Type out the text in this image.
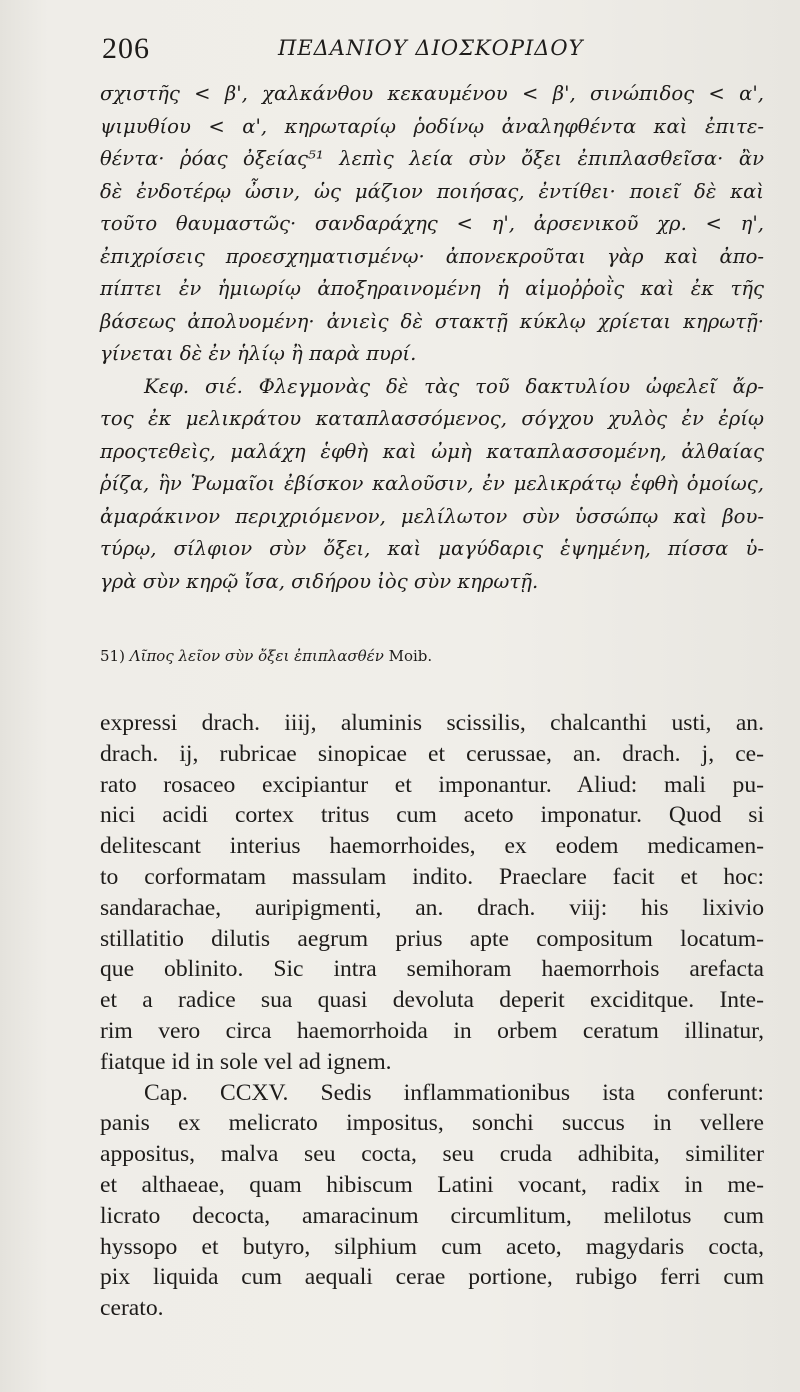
206	ΠΕΔΑΝΙΟΥ ΔΙΟΣΚΟΡΙΔΟΥ
σχιστῆς < β', χαλκάνθου κεκαυμένου < β', σινώπιδος < α',
ψιμυθίου < α', κηρωταρίῳ ῥοδίνῳ ἀναληφθέντα καὶ ἐπιτε-
θέντα· ῥόας ὀξείας⁵¹ λεπὶς λεία σὺν ὄξει ἐπιπλασθεῖσα· ἂν
δὲ ἐνδοτέρῳ ὦσιν, ὡς μάζιον ποιήσας, ἐντίθει· ποιεῖ δὲ καὶ
τοῦτο θαυμαστῶς· σανδαράχης < η', ἀρσενικοῦ χρ. < η',
ἐπιχρίσεις προεσχηματισμένῳ· ἀπονεκροῦται γὰρ καὶ ἀπο-
πίπτει ἐν ἡμιωρίῳ ἀποξηραινομένη ἡ αἱμοῤῥοῒς καὶ ἐκ τῆς
βάσεως ἀπολυομένη· ἀνιεὶς δὲ στακτῇ κύκλῳ χρίεται κηρωτῇ·
γίνεται δὲ ἐν ἡλίῳ ἢ παρὰ πυρί.
Κεφ. σιέ. Φλεγμονὰς δὲ τὰς τοῦ δακτυλίου ὠφελεῖ ἄρ-
τος ἐκ μελικράτου καταπλασσόμενος, σόγχου χυλὸς ἐν ἐρίῳ
προςτεθεὶς, μαλάχη ἑφθὴ καὶ ὠμὴ καταπλασσομένη, ἀλθαίας
ῥίζα, ἣν Ῥωμαῖοι ἐβίσκον καλοῦσιν, ἐν μελικράτῳ ἑφθὴ ὁμοίως,
ἀμαράκινον περιχριόμενον, μελίλωτον σὺν ὑσσώπῳ καὶ βου-
τύρῳ, σίλφιον σὺν ὄξει, καὶ μαγύδαρις ἑψημένη, πίσσα ὑ-
γρὰ σὺν κηρῷ ἴσα, σιδήρου ἰὸς σὺν κηρωτῇ.
51) Λῖπος λεῖον σὺν ὄξει ἐπιπλασθέν Moib.
expressi drach. iiij, aluminis scissilis, chalcanthi usti, an.
drach. ij, rubricae sinopicae et cerussae, an. drach. j, ce-
rato rosaceo excipiantur et imponantur. Aliud: mali pu-
nici acidi cortex tritus cum aceto imponatur. Quod si
delitescant interius haemorrhoides, ex eodem medicamen-
to corformatam massulam indito. Praeclare facit et hoc:
sandarachae, auripigmenti, an. drach. viij: his lixivio
stillatitio dilutis aegrum prius apte compositum locatum-
que oblinito. Sic intra semihoram haemorrhois arefacta
et a radice sua quasi devoluta deperit exciditque. Inte-
rim vero circa haemorrhoida in orbem ceratum illinatur,
fiatque id in sole vel ad ignem.
Cap. CCXV. Sedis inflammationibus ista conferunt:
panis ex melicrato impositus, sonchi succus in vellere
appositus, malva seu cocta, seu cruda adhibita, similiter
et althaeae, quam hibiscum Latini vocant, radix in me-
licrato decocta, amaracinum circumlitum, melilotus cum
hyssopo et butyro, silphium cum aceto, magydaris cocta,
pix liquida cum aequali cerae portione, rubigo ferri cum
cerato.
